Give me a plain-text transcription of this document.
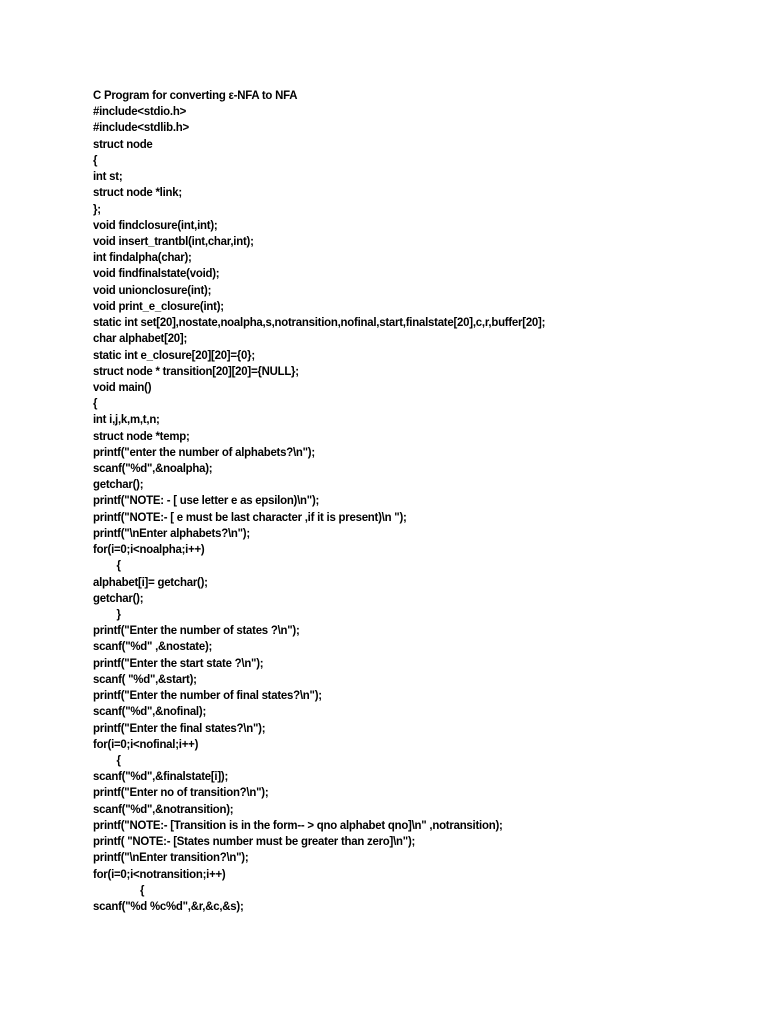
C Program for converting ε-NFA to NFA
#include<stdio.h>
#include<stdlib.h>
struct node
{
int st;
struct node *link;
};
void findclosure(int,int);
void insert_trantbl(int,char,int);
int findalpha(char);
void findfinalstate(void);
void unionclosure(int);
void print_e_closure(int);
static int set[20],nostate,noalpha,s,notransition,nofinal,start,finalstate[20],c,r,buffer[20];
char alphabet[20];
static int e_closure[20][20]={0};
struct node * transition[20][20]={NULL};
void main()
{
int i,j,k,m,t,n;
struct node *temp;
printf("enter the number of alphabets?\n");
scanf("%d",&noalpha);
getchar();
printf("NOTE: - [ use letter e as epsilon)\n");
printf("NOTE:- [ e must be last character ,if it is present)\n ");
printf("\nEnter alphabets?\n");
for(i=0;i<noalpha;i++)
{
alphabet[i]= getchar();
getchar();
}
printf("Enter the number of states ?\n");
scanf("%d" ,&nostate);
printf("Enter the start state ?\n");
scanf( "%d",&start);
printf("Enter the number of final states?\n");
scanf("%d",&nofinal);
printf("Enter the final states?\n");
for(i=0;i<nofinal;i++)
{
scanf("%d",&finalstate[i]);
printf("Enter no of transition?\n");
scanf("%d",&notransition);
printf("NOTE:- [Transition is in the form-- > qno alphabet qno]\n" ,notransition);
printf( "NOTE:- [States number must be greater than zero]\n");
printf("\nEnter transition?\n");
for(i=0;i<notransition;i++)
{
scanf("%d %c%d",&r,&c,&s);
